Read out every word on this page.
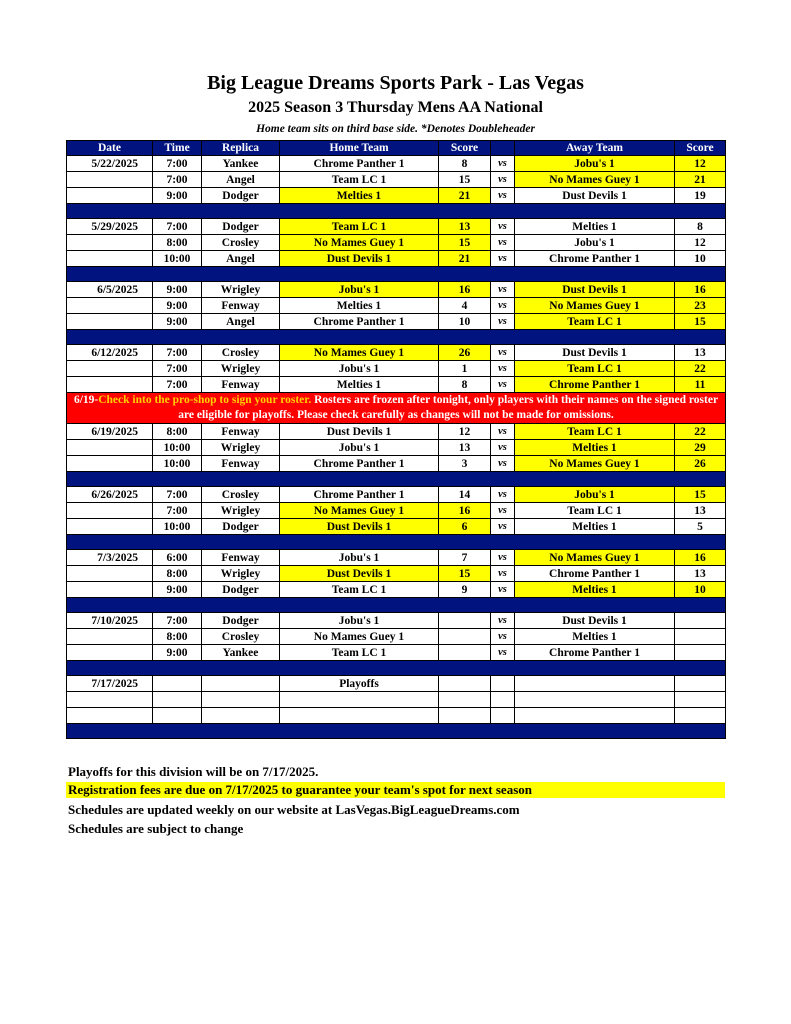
Big League Dreams Sports Park - Las Vegas
2025 Season 3 Thursday Mens AA National
Home team sits on third base side. *Denotes Doubleheader
Date	Time	Replica	Home Team	Score		Away Team	Score
5/22/2025	7:00	Yankee	Chrome Panther 1	8	vs	Jobu's 1	12
	7:00	Angel	Team LC 1	15	vs	No Mames Guey 1	21
	9:00	Dodger	Melties 1	21	vs	Dust Devils 1	19

5/29/2025	7:00	Dodger	Team LC 1	13	vs	Melties 1	8
	8:00	Crosley	No Mames Guey 1	15	vs	Jobu's 1	12
	10:00	Angel	Dust Devils 1	21	vs	Chrome Panther 1	10

6/5/2025	9:00	Wrigley	Jobu's 1	16	vs	Dust Devils 1	16
	9:00	Fenway	Melties 1	4	vs	No Mames Guey 1	23
	9:00	Angel	Chrome Panther 1	10	vs	Team LC 1	15

6/12/2025	7:00	Crosley	No Mames Guey 1	26	vs	Dust Devils 1	13
	7:00	Wrigley	Jobu's 1	1	vs	Team LC 1	22
	7:00	Fenway	Melties 1	8	vs	Chrome Panther 1	11
6/19-Check into the pro-shop to sign your roster. Rosters are frozen after tonight, only players with their names on the signed roster are eligible for playoffs. Please check carefully as changes will not be made for omissions.							
6/19/2025	8:00	Fenway	Dust Devils 1	12	vs	Team LC 1	22
	10:00	Wrigley	Jobu's 1	13	vs	Melties 1	29
	10:00	Fenway	Chrome Panther 1	3	vs	No Mames Guey 1	26

6/26/2025	7:00	Crosley	Chrome Panther 1	14	vs	Jobu's 1	15
	7:00	Wrigley	No Mames Guey 1	16	vs	Team LC 1	13
	10:00	Dodger	Dust Devils 1	6	vs	Melties 1	5

7/3/2025	6:00	Fenway	Jobu's 1	7	vs	No Mames Guey 1	16
	8:00	Wrigley	Dust Devils 1	15	vs	Chrome Panther 1	13
	9:00	Dodger	Team LC 1	9	vs	Melties 1	10

7/10/2025	7:00	Dodger	Jobu's 1		vs	Dust Devils 1	
	8:00	Crosley	No Mames Guey 1		vs	Melties 1	
	9:00	Yankee	Team LC 1		vs	Chrome Panther 1	

7/17/2025			Playoffs				

Playoffs for this division will be on 7/17/2025.
Registration fees are due on 7/17/2025 to guarantee your team's spot for next season
Schedules are updated weekly on our website at LasVegas.BigLeagueDreams.com
Schedules are subject to change
